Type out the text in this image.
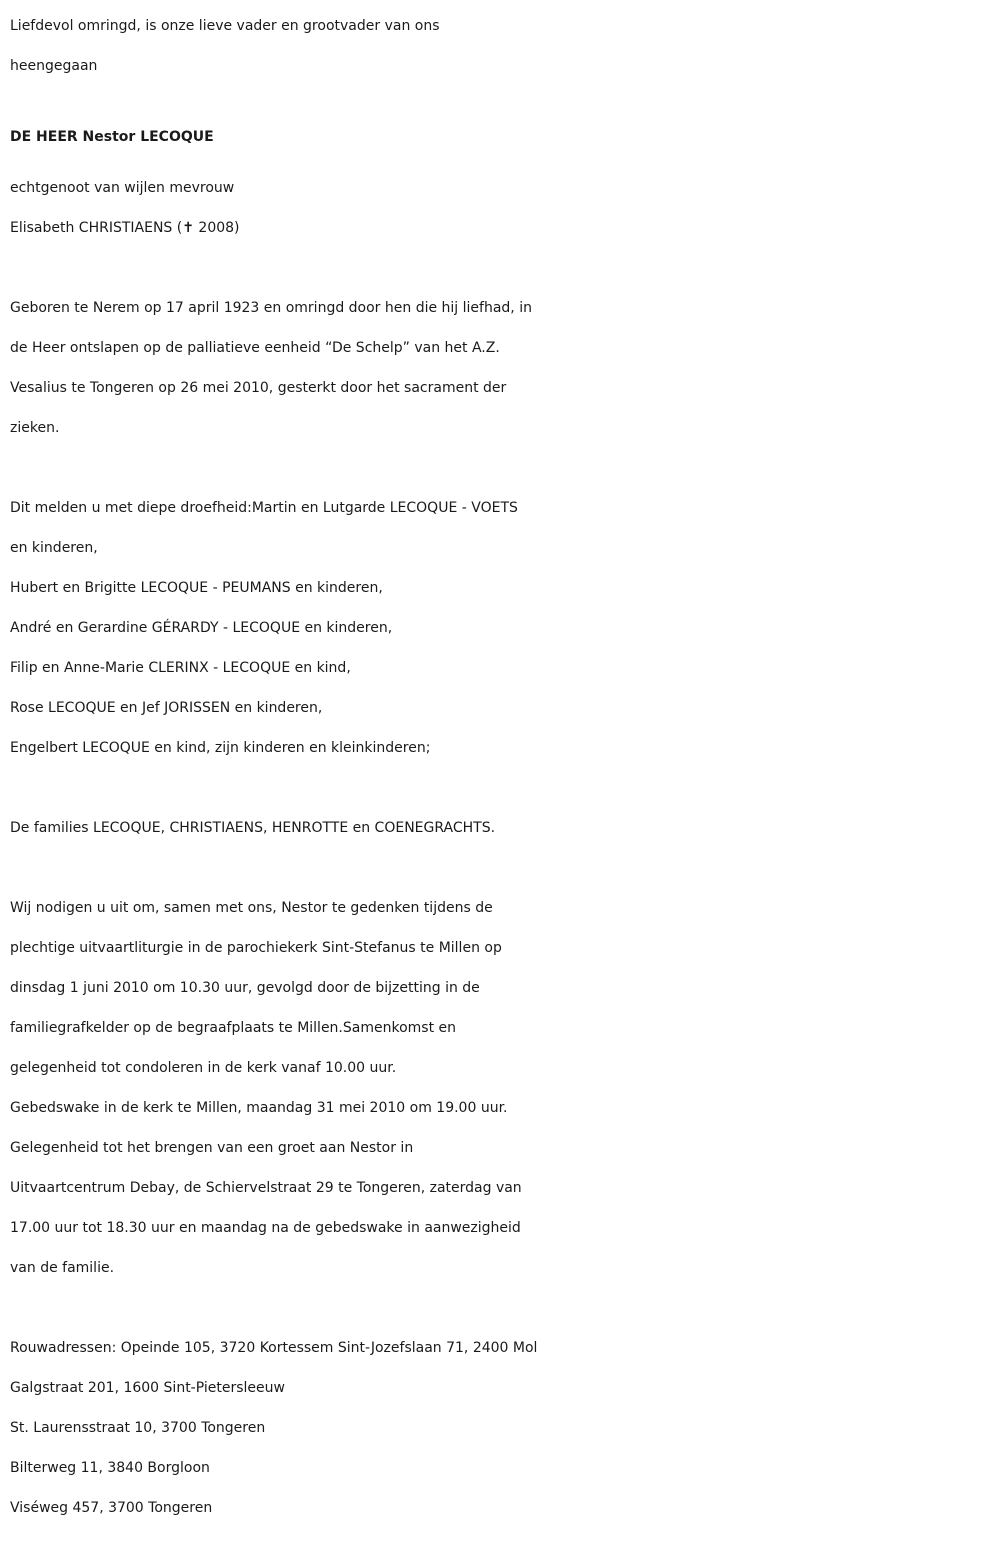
Liefdevol omringd, is onze lieve vader en grootvader van ons

heengegaan

DE HEER Nestor LECOQUE

echtgenoot van wijlen mevrouw

Elisabeth CHRISTIAENS (✝ 2008)

Geboren te Nerem op 17 april 1923 en omringd door hen die hij liefhad, in

de Heer ontslapen op de palliatieve eenheid “De Schelp” van het A.Z.

Vesalius te Tongeren op 26 mei 2010, gesterkt door het sacrament der

zieken.

Dit melden u met diepe droefheid:Martin en Lutgarde LECOQUE - VOETS

en kinderen,

Hubert en Brigitte LECOQUE - PEUMANS en kinderen,

André en Gerardine GÉRARDY - LECOQUE en kinderen,

Filip en Anne-Marie CLERINX - LECOQUE en kind,

Rose LECOQUE en Jef JORISSEN en kinderen,

Engelbert LECOQUE en kind, zijn kinderen en kleinkinderen;

De families LECOQUE, CHRISTIAENS, HENROTTE en COENEGRACHTS.

Wij nodigen u uit om, samen met ons, Nestor te gedenken tijdens de

plechtige uitvaartliturgie in de parochiekerk Sint-Stefanus te Millen op

dinsdag 1 juni 2010 om 10.30 uur, gevolgd door de bijzetting in de

familiegrafkelder op de begraafplaats te Millen.Samenkomst en

gelegenheid tot condoleren in de kerk vanaf 10.00 uur.

Gebedswake in de kerk te Millen, maandag 31 mei 2010 om 19.00 uur.

Gelegenheid tot het brengen van een groet aan Nestor in

Uitvaartcentrum Debay, de Schiervelstraat 29 te Tongeren, zaterdag van

17.00 uur tot 18.30 uur en maandag na de gebedswake in aanwezigheid

van de familie.

Rouwadressen: Opeinde 105, 3720 Kortessem Sint-Jozefslaan 71, 2400 Mol

Galgstraat 201, 1600 Sint-Pietersleeuw

St. Laurensstraat 10, 3700 Tongeren

Bilterweg 11, 3840 Borgloon

Viséweg 457, 3700 Tongeren
